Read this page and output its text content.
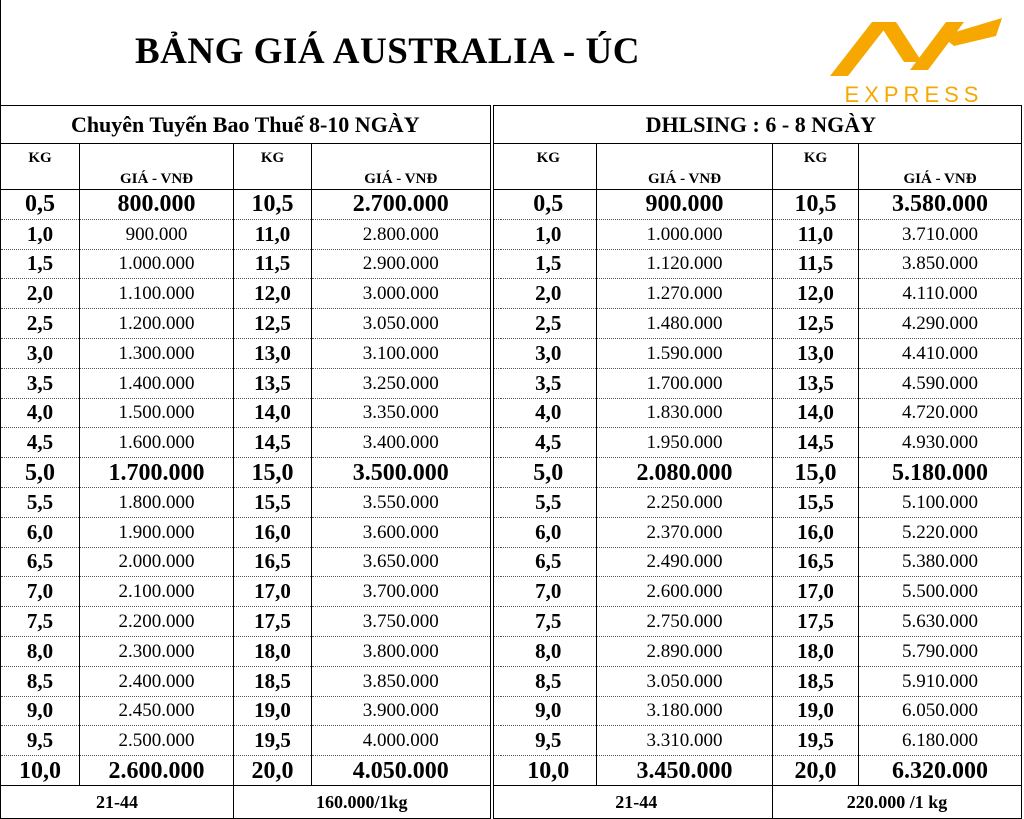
BẢNG GIÁ AUSTRALIA - ÚC
EXPRESS
Chuyên Tuyến Bao Thuế 8-10 NGÀY					DHLSING : 6 - 8 NGÀY			
KG	GIÁ - VNĐ	KG	GIÁ - VNĐ		KG	GIÁ - VNĐ	KG	GIÁ - VNĐ
0,5	800.000	10,5	2.700.000		0,5	900.000	10,5	3.580.000
1,0	900.000	11,0	2.800.000		1,0	1.000.000	11,0	3.710.000
1,5	1.000.000	11,5	2.900.000		1,5	1.120.000	11,5	3.850.000
2,0	1.100.000	12,0	3.000.000		2,0	1.270.000	12,0	4.110.000
2,5	1.200.000	12,5	3.050.000		2,5	1.480.000	12,5	4.290.000
3,0	1.300.000	13,0	3.100.000		3,0	1.590.000	13,0	4.410.000
3,5	1.400.000	13,5	3.250.000		3,5	1.700.000	13,5	4.590.000
4,0	1.500.000	14,0	3.350.000		4,0	1.830.000	14,0	4.720.000
4,5	1.600.000	14,5	3.400.000		4,5	1.950.000	14,5	4.930.000
5,0	1.700.000	15,0	3.500.000		5,0	2.080.000	15,0	5.180.000
5,5	1.800.000	15,5	3.550.000		5,5	2.250.000	15,5	5.100.000
6,0	1.900.000	16,0	3.600.000		6,0	2.370.000	16,0	5.220.000
6,5	2.000.000	16,5	3.650.000		6,5	2.490.000	16,5	5.380.000
7,0	2.100.000	17,0	3.700.000		7,0	2.600.000	17,0	5.500.000
7,5	2.200.000	17,5	3.750.000		7,5	2.750.000	17,5	5.630.000
8,0	2.300.000	18,0	3.800.000		8,0	2.890.000	18,0	5.790.000
8,5	2.400.000	18,5	3.850.000		8,5	3.050.000	18,5	5.910.000
9,0	2.450.000	19,0	3.900.000		9,0	3.180.000	19,0	6.050.000
9,5	2.500.000	19,5	4.000.000		9,5	3.310.000	19,5	6.180.000
10,0	2.600.000	20,0	4.050.000		10,0	3.450.000	20,0	6.320.000
21-44		160.000/1kg			21-44		220.000 /1 kg	
